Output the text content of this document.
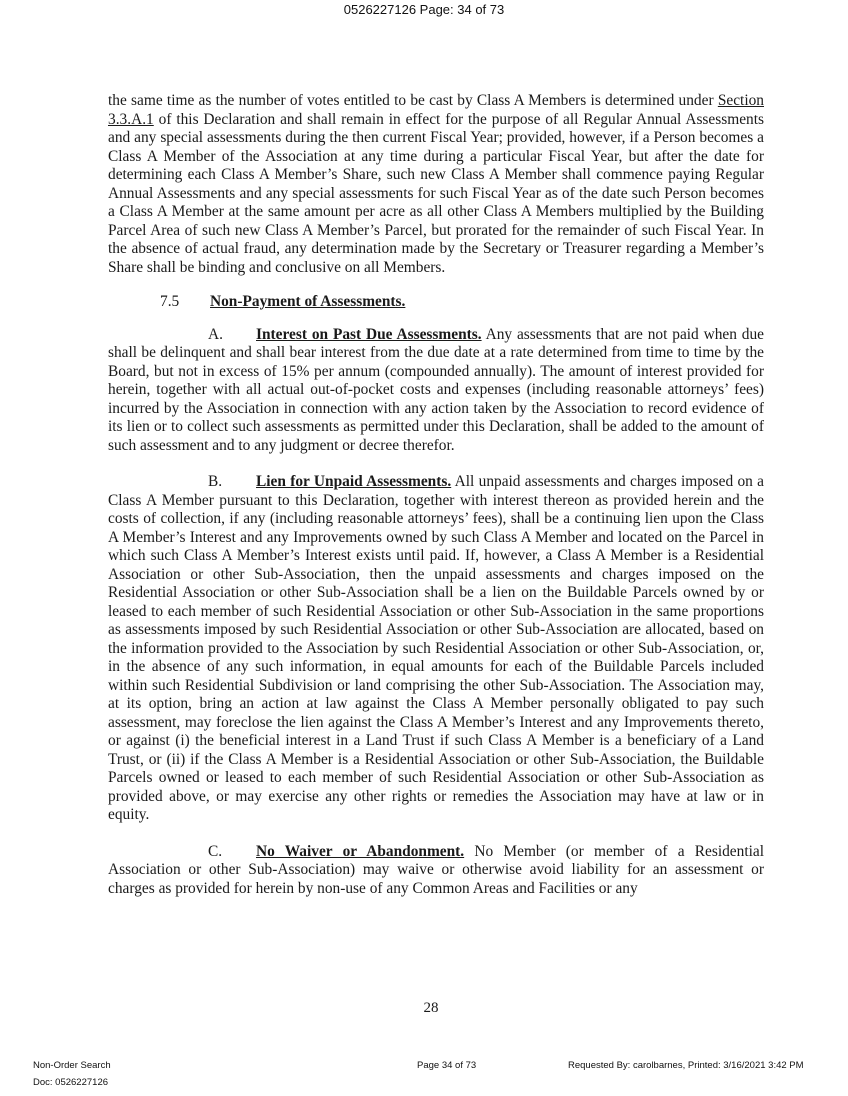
0526227126 Page: 34 of 73

the same time as the number of votes entitled to be cast by Class A Members is determined under Section 3.3.A.1 of this Declaration and shall remain in effect for the purpose of all Regular Annual Assessments and any special assessments during the then current Fiscal Year; provided, however, if a Person becomes a Class A Member of the Association at any time during a particular Fiscal Year, but after the date for determining each Class A Member’s Share, such new Class A Member shall commence paying Regular Annual Assessments and any special assessments for such Fiscal Year as of the date such Person becomes a Class A Member at the same amount per acre as all other Class A Members multiplied by the Building Parcel Area of such new Class A Member’s Parcel, but prorated for the remainder of such Fiscal Year. In the absence of actual fraud, any determination made by the Secretary or Treasurer regarding a Member’s Share shall be binding and conclusive on all Members.

7.5 Non-Payment of Assessments.

A. Interest on Past Due Assessments. Any assessments that are not paid when due shall be delinquent and shall bear interest from the due date at a rate determined from time to time by the Board, but not in excess of 15% per annum (compounded annually). The amount of interest provided for herein, together with all actual out-of-pocket costs and expenses (including reasonable attorneys’ fees) incurred by the Association in connection with any action taken by the Association to record evidence of its lien or to collect such assessments as permitted under this Declaration, shall be added to the amount of such assessment and to any judgment or decree therefor.

B. Lien for Unpaid Assessments. All unpaid assessments and charges imposed on a Class A Member pursuant to this Declaration, together with interest thereon as provided herein and the costs of collection, if any (including reasonable attorneys’ fees), shall be a continuing lien upon the Class A Member’s Interest and any Improvements owned by such Class A Member and located on the Parcel in which such Class A Member’s Interest exists until paid. If, however, a Class A Member is a Residential Association or other Sub-Association, then the unpaid assessments and charges imposed on the Residential Association or other Sub-Association shall be a lien on the Buildable Parcels owned by or leased to each member of such Residential Association or other Sub-Association in the same proportions as assessments imposed by such Residential Association or other Sub-Association are allocated, based on the information provided to the Association by such Residential Association or other Sub-Association, or, in the absence of any such information, in equal amounts for each of the Buildable Parcels included within such Residential Subdivision or land comprising the other Sub-Association. The Association may, at its option, bring an action at law against the Class A Member personally obligated to pay such assessment, may foreclose the lien against the Class A Member’s Interest and any Improvements thereto, or against (i) the beneficial interest in a Land Trust if such Class A Member is a beneficiary of a Land Trust, or (ii) if the Class A Member is a Residential Association or other Sub-Association, the Buildable Parcels owned or leased to each member of such Residential Association or other Sub-Association as provided above, or may exercise any other rights or remedies the Association may have at law or in equity.

C. No Waiver or Abandonment. No Member (or member of a Residential Association or other Sub-Association) may waive or otherwise avoid liability for an assessment or charges as provided for herein by non-use of any Common Areas and Facilities or any

28
Non-Order Search
Doc: 0526227126
Page 34 of 73	Requested By: carolbarnes, Printed: 3/16/2021 3:42 PM
